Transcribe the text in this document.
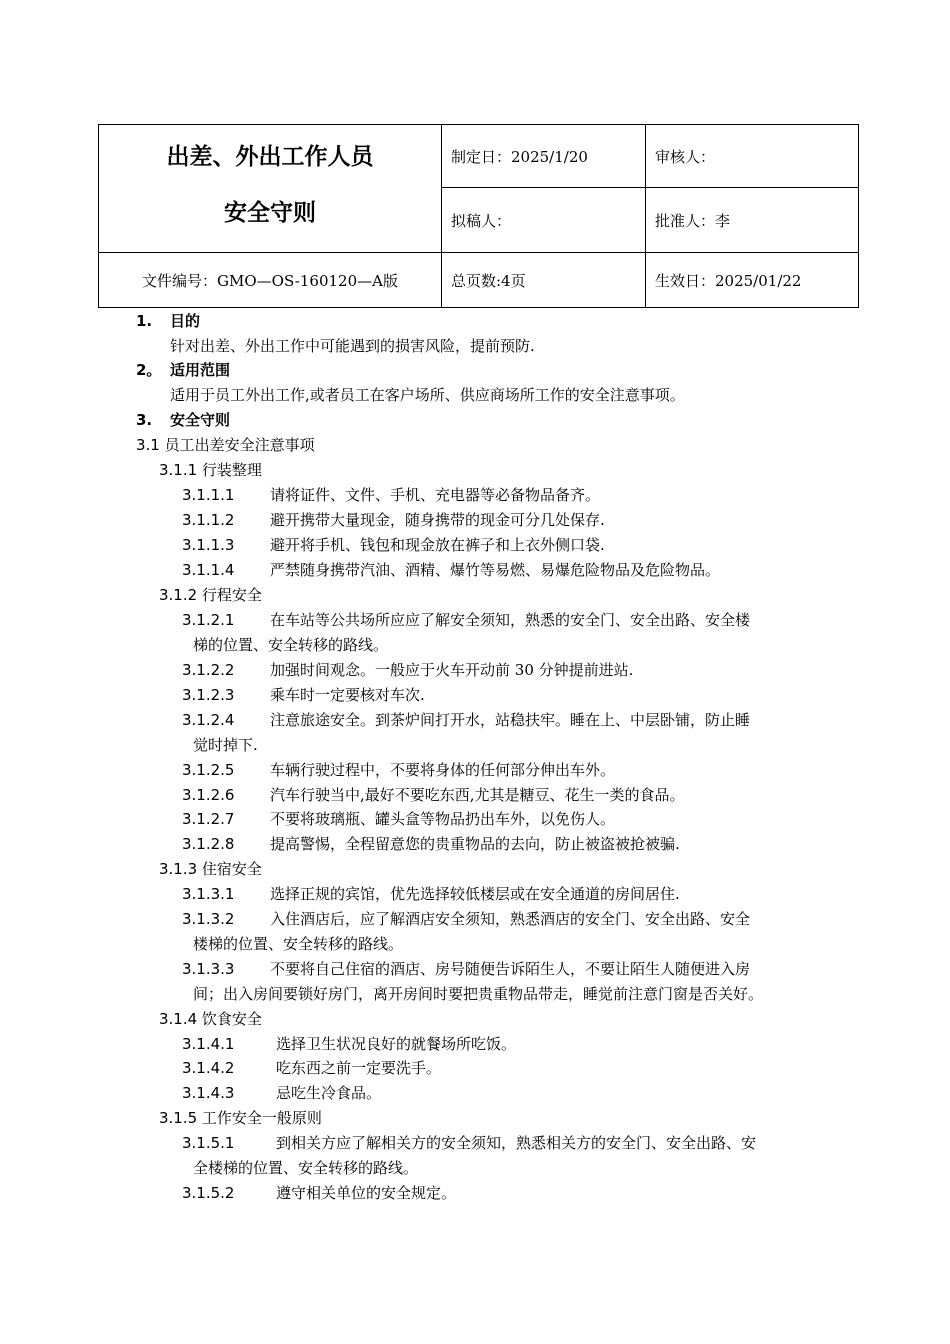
出差、外出工作人员
安全守则	制定日：2025/1/20	审核人：
	拟稿人：	批准人：李
文件编号：GMO—OS-160120—A版	总页数:4页	生效日：2025/01/22
1. 目的
针对出差、外出工作中可能遇到的损害风险，提前预防.
2。 适用范围
适用于员工外出工作,或者员工在客户场所、供应商场所工作的安全注意事项。
3. 安全守则
3.1 员工出差安全注意事项
3.1.1 行装整理
3.1.1.1 请将证件、文件、手机、充电器等必备物品备齐。
3.1.1.2 避开携带大量现金，随身携带的现金可分几处保存.
3.1.1.3 避开将手机、钱包和现金放在裤子和上衣外侧口袋.
3.1.1.4 严禁随身携带汽油、酒精、爆竹等易燃、易爆危险物品及危险物品。
3.1.2 行程安全
3.1.2.1 在车站等公共场所应应了解安全须知，熟悉的安全门、安全出路、安全楼
梯的位置、安全转移的路线。
3.1.2.2 加强时间观念。一般应于火车开动前 30 分钟提前进站.
3.1.2.3 乘车时一定要核对车次.
3.1.2.4 注意旅途安全。到茶炉间打开水，站稳扶牢。睡在上、中层卧铺，防止睡
觉时掉下.
3.1.2.5 车辆行驶过程中，不要将身体的任何部分伸出车外。
3.1.2.6 汽车行驶当中,最好不要吃东西,尤其是糖豆、花生一类的食品。
3.1.2.7 不要将玻璃瓶、罐头盒等物品扔出车外，以免伤人。
3.1.2.8 提高警惕，全程留意您的贵重物品的去向，防止被盗被抢被骗.
3.1.3 住宿安全
3.1.3.1 选择正规的宾馆，优先选择较低楼层或在安全通道的房间居住.
3.1.3.2 入住酒店后，应了解酒店安全须知，熟悉酒店的安全门、安全出路、安全
楼梯的位置、安全转移的路线。
3.1.3.3 不要将自己住宿的酒店、房号随便告诉陌生人，不要让陌生人随便进入房
间；出入房间要锁好房门，离开房间时要把贵重物品带走，睡觉前注意门窗是否关好。
3.1.4 饮食安全
3.1.4.1	选择卫生状况良好的就餐场所吃饭。
3.1.4.2	吃东西之前一定要洗手。
3.1.4.3	忌吃生冷食品。
3.1.5 工作安全一般原则
3.1.5.1	到相关方应了解相关方的安全须知，熟悉相关方的安全门、安全出路、安
全楼梯的位置、安全转移的路线。
3.1.5.2	遵守相关单位的安全规定。
